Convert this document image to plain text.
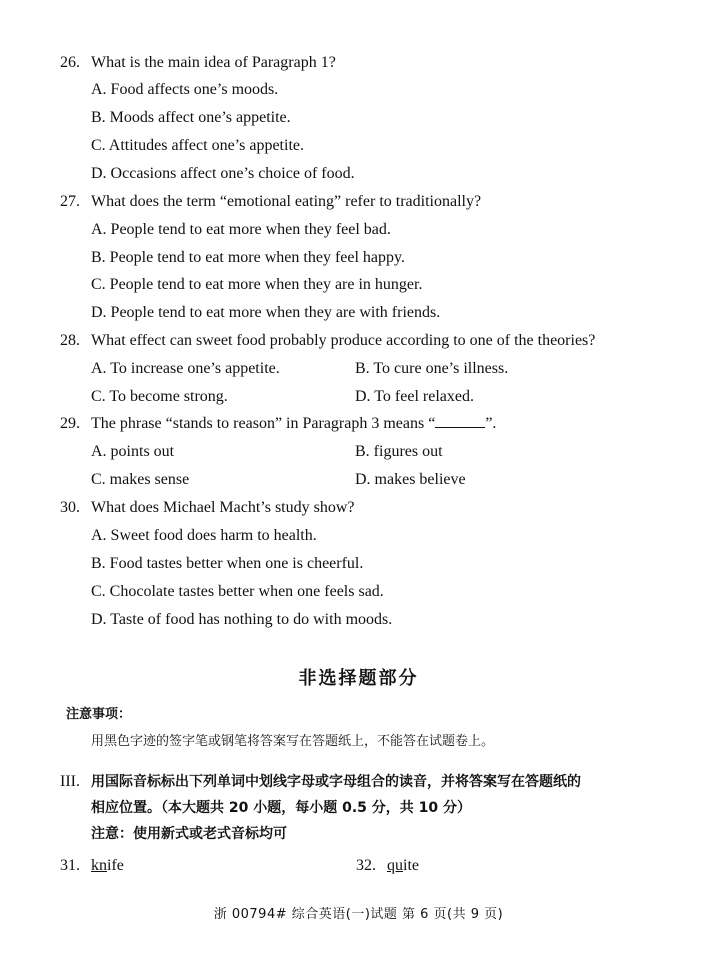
26. What is the main idea of Paragraph 1?
A. Food affects one’s moods.
B. Moods affect one’s appetite.
C. Attitudes affect one’s appetite.
D. Occasions affect one’s choice of food.
27. What does the term “emotional eating” refer to traditionally?
A. People tend to eat more when they feel bad.
B. People tend to eat more when they feel happy.
C. People tend to eat more when they are in hunger.
D. People tend to eat more when they are with friends.
28. What effect can sweet food probably produce according to one of the theories?
A. To increase one’s appetite.	B. To cure one’s illness.
C. To become strong.	D. To feel relaxed.
29. The phrase “stands to reason” in Paragraph 3 means “	”.
A. points out	B. figures out
C. makes sense	D. makes believe
30. What does Michael Macht’s study show?
A. Sweet food does harm to health.
B. Food tastes better when one is cheerful.
C. Chocolate tastes better when one feels sad.
D. Taste of food has nothing to do with moods.
非选择题部分
注意事项：
用黑色字迹的签字笔或钢笔将答案写在答题纸上，不能答在试题卷上。
III. 用国际音标标出下列单词中划线字母或字母组合的读音，并将答案写在答题纸的
相应位置。（本大题共 20 小题，每小题 0.5 分，共 10 分）
注意：使用新式或老式音标均可
31. knife	32. quite
浙 00794# 综合英语(一)试题 第 6 页(共 9 页)
